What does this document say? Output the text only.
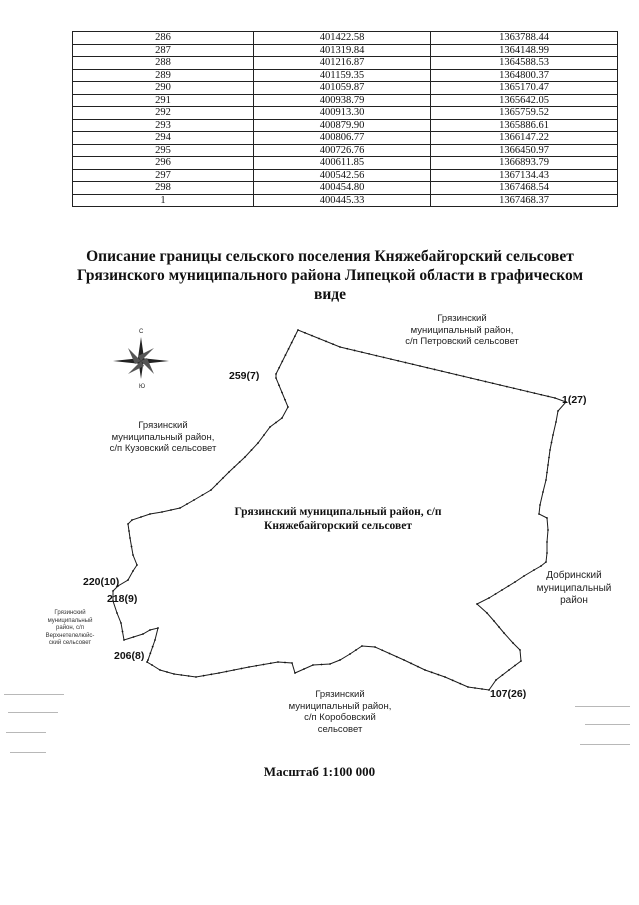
286	401422.58	1363788.44
287	401319.84	1364148.99
288	401216.87	1364588.53
289	401159.35	1364800.37
290	401059.87	1365170.47
291	400938.79	1365642.05
292	400913.30	1365759.52
293	400879.90	1365886.61
294	400806.77	1366147.22
295	400726.76	1366450.97
296	400611.85	1366893.79
297	400542.56	1367134.43
298	400454.80	1367468.54
1	400445.33	1367468.37
Описание границы сельского поселения Княжебайгорский сельсовет
Грязинского муниципального района Липецкой области в графическом
виде
С
Ю
Грязинский
муниципальный район,
с/п Петровский сельсовет
Грязинский
муниципальный район,
с/п Кузовский сельсовет
Добринский
муниципальный
район
Грязинский
муниципальный район,
с/п Коробовский
сельсовет
Грязинский
муниципальный
район, с/п
Верхнетелелюйс-
ский сельсовет
Грязинский муниципальный район, с/п
Княжебайгорский сельсовет
259(7)
1(27)
220(10)
218(9)
206(8)
107(26)
Масштаб 1:100 000
